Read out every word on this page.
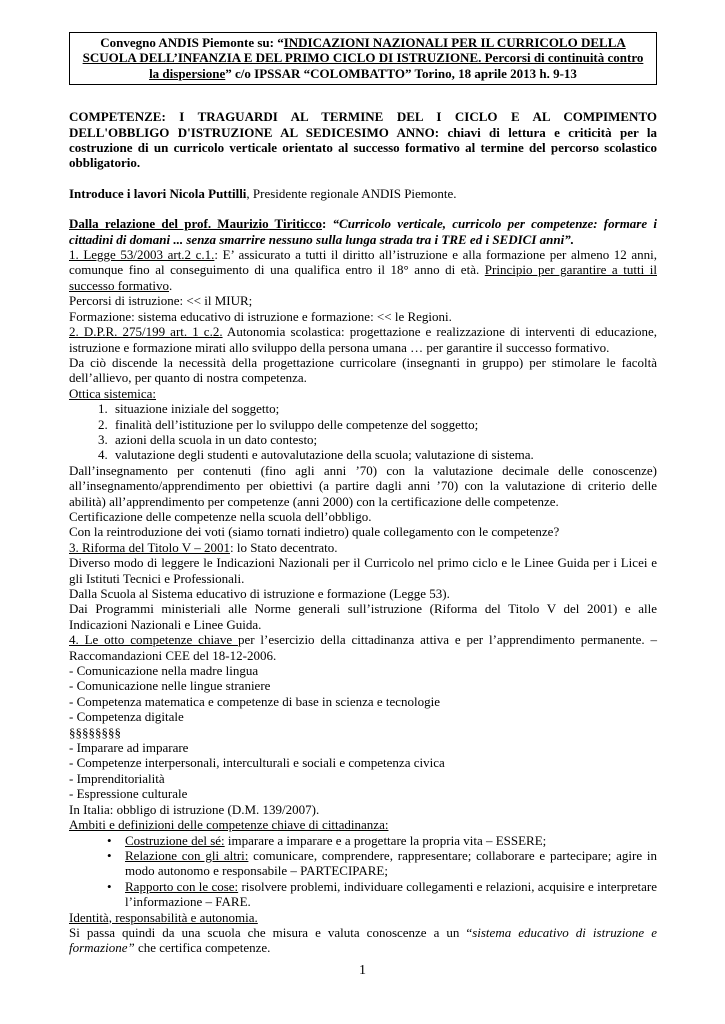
Convegno ANDIS Piemonte su: “INDICAZIONI NAZIONALI PER IL CURRICOLO DELLA
SCUOLA DELL’INFANZIA E DEL PRIMO CICLO DI ISTRUZIONE. Percorsi di continuità contro
la dispersione” c/o IPSSAR “COLOMBATTO” Torino, 18 aprile 2013 h. 9-13

COMPETENZE: I TRAGUARDI AL TERMINE DEL I CICLO E AL COMPIMENTO DELL'OBBLIGO D'ISTRUZIONE AL SEDICESIMO ANNO: chiavi di lettura e criticità per la costruzione di un curricolo verticale orientato al successo formativo al termine del percorso scolastico obbligatorio.

Introduce i lavori Nicola Puttilli, Presidente regionale ANDIS Piemonte.

Dalla relazione del prof. Maurizio Tiriticco: “Curricolo verticale, curricolo per competenze: formare i cittadini di domani ... senza smarrire nessuno sulla lunga strada tra i TRE ed i SEDICI anni”.

1. Legge 53/2003 art.2 c.1.: E’ assicurato a tutti il diritto all’istruzione e alla formazione per almeno 12 anni, comunque fino al conseguimento di una qualifica entro il 18° anno di età. Principio per garantire a tutti il successo formativo.

Percorsi di istruzione: << il MIUR;

Formazione: sistema educativo di istruzione e formazione: << le Regioni.

2. D.P.R. 275/199 art. 1 c.2. Autonomia scolastica: progettazione e realizzazione di interventi di educazione, istruzione e formazione mirati allo sviluppo della persona umana … per garantire il successo formativo.

Da ciò discende la necessità della progettazione curricolare (insegnanti in gruppo) per stimolare le facoltà dell’allievo, per quanto di nostra competenza.

Ottica sistemica:

1. situazione iniziale del soggetto;
2. finalità dell’istituzione per lo sviluppo delle competenze del soggetto;
3. azioni della scuola in un dato contesto;
4. valutazione degli studenti e autovalutazione della scuola; valutazione di sistema.

Dall’insegnamento per contenuti (fino agli anni ’70) con la valutazione decimale delle conoscenze) all’insegnamento/apprendimento per obiettivi (a partire dagli anni ’70) con la valutazione di criterio delle abilità) all’apprendimento per competenze (anni 2000) con la certificazione delle competenze.

Certificazione delle competenze nella scuola dell’obbligo.

Con la reintroduzione dei voti (siamo tornati indietro) quale collegamento con le competenze?

3. Riforma del Titolo V – 2001: lo Stato decentrato.

Diverso modo di leggere le Indicazioni Nazionali per il Curricolo nel primo ciclo e le Linee Guida per i Licei e gli Istituti Tecnici e Professionali.

Dalla Scuola al Sistema educativo di istruzione e formazione (Legge 53).

Dai Programmi ministeriali alle Norme generali sull’istruzione (Riforma del Titolo V del 2001) e alle Indicazioni Nazionali e Linee Guida.

4. Le otto competenze chiave per l’esercizio della cittadinanza attiva e per l’apprendimento permanente. – Raccomandazioni CEE del 18-12-2006.

- Comunicazione nella madre lingua

- Comunicazione nelle lingue straniere

- Competenza matematica e competenze di base in scienza e tecnologie

- Competenza digitale

§§§§§§§§

- Imparare ad imparare

- Competenze interpersonali, interculturali e sociali e competenza civica

- Imprenditorialità

- Espressione culturale

In Italia: obbligo di istruzione (D.M. 139/2007).

Ambiti e definizioni delle competenze chiave di cittadinanza:

• Costruzione del sé: imparare a imparare e a progettare la propria vita – ESSERE;
• Relazione con gli altri: comunicare, comprendere, rappresentare; collaborare e partecipare; agire in modo autonomo e responsabile – PARTECIPARE;
• Rapporto con le cose: risolvere problemi, individuare collegamenti e relazioni, acquisire e interpretare l’informazione – FARE.

Identità, responsabilità e autonomia.

Si passa quindi da una scuola che misura e valuta conoscenze a un “sistema educativo di istruzione e formazione” che certifica competenze.

1
